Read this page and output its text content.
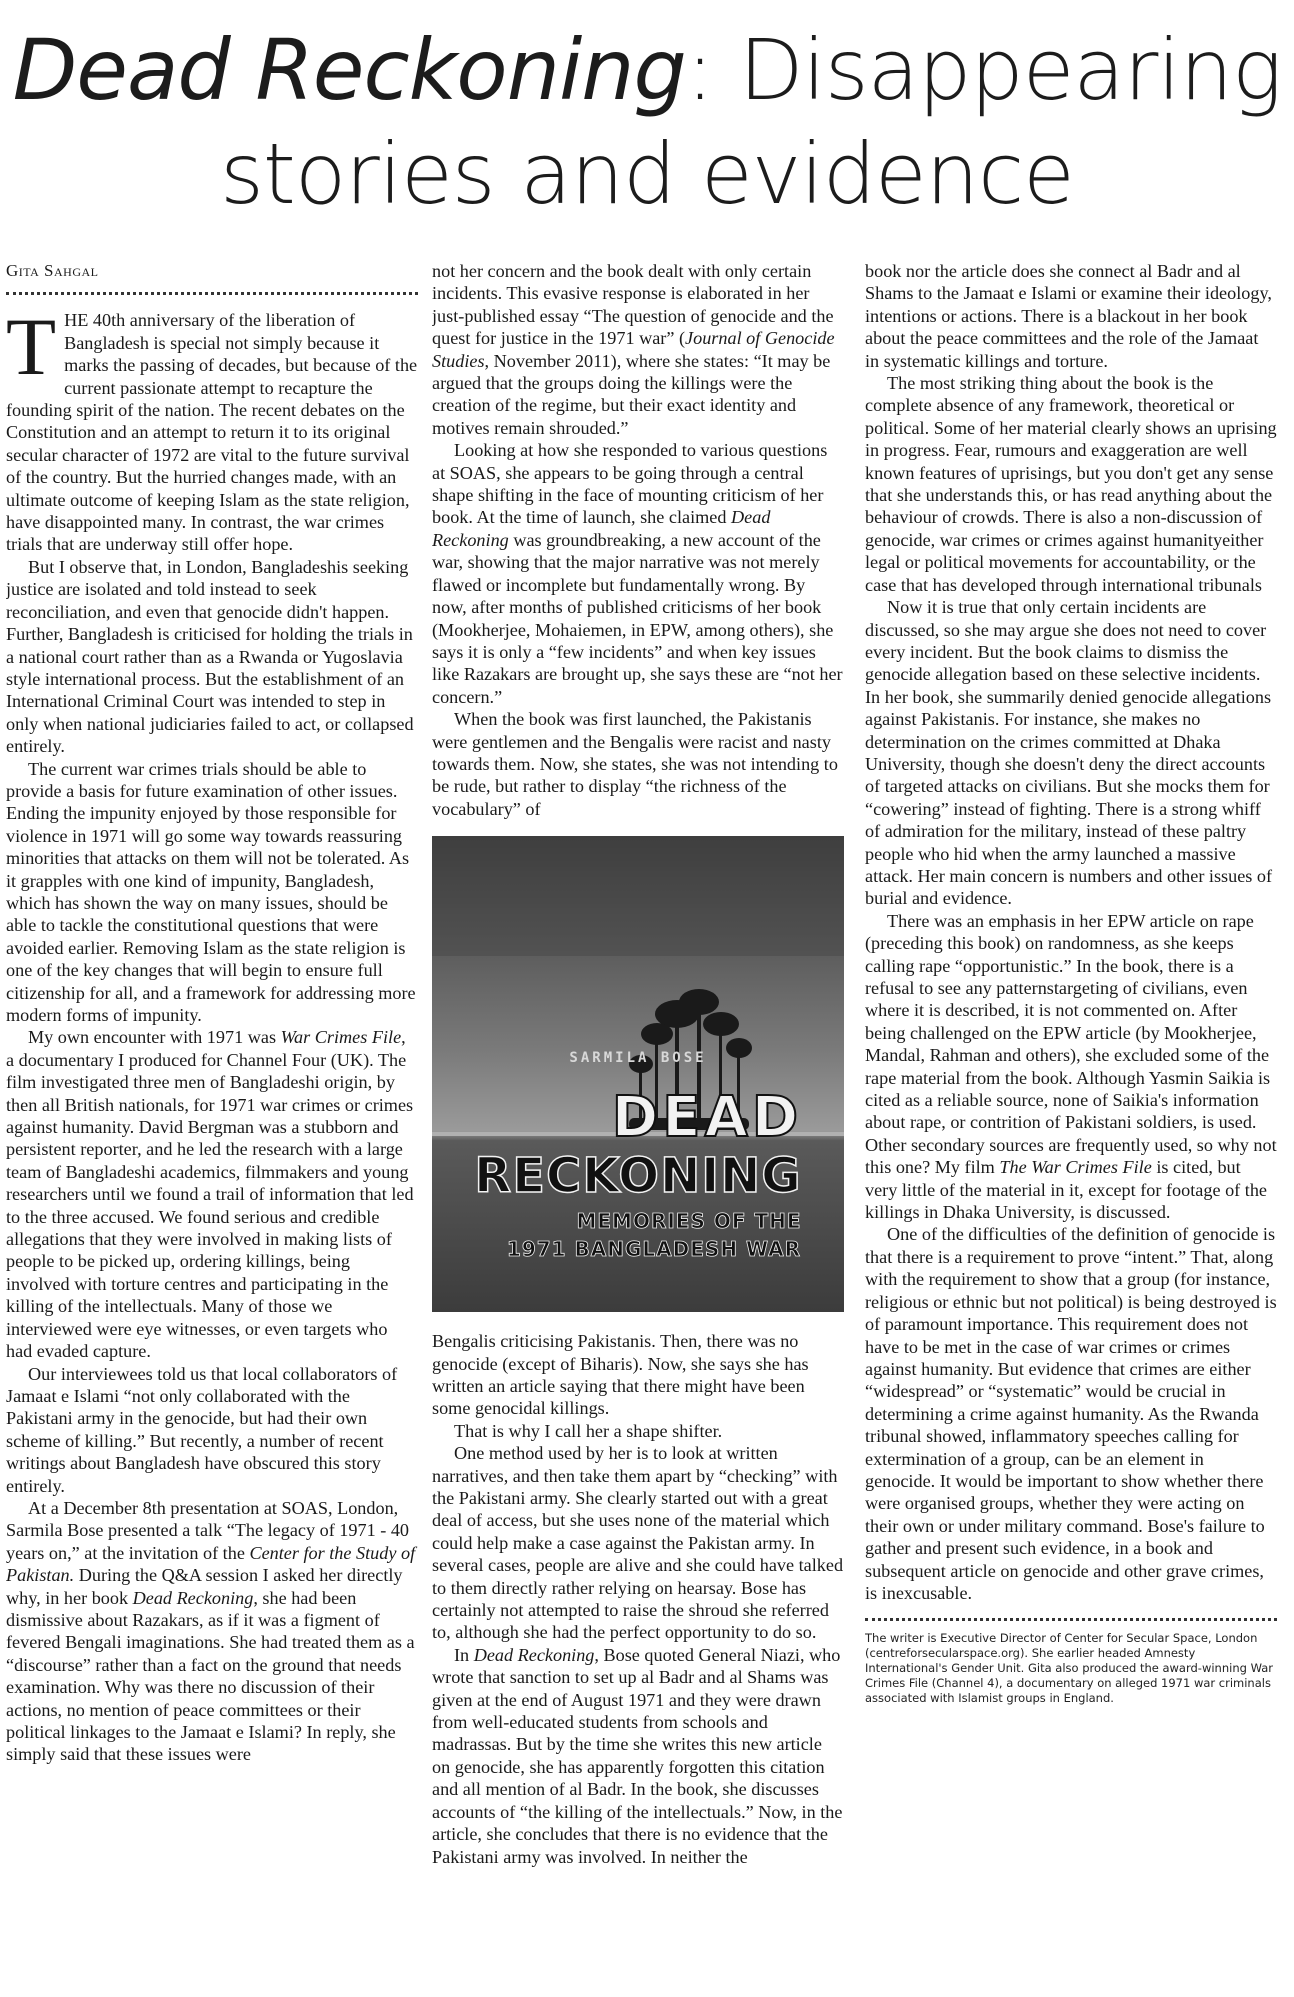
Dead Reckoning: Disappearing
stories and evidence
Gita Sahgal

THE 40th anniversary of the liberation of Bangladesh is special not simply because it marks the passing of decades, but because of the current passionate attempt to recapture the founding spirit of the nation. The recent debates on the Constitution and an attempt to return it to its original secular character of 1972 are vital to the future survival of the country. But the hurried changes made, with an ultimate outcome of keeping Islam as the state religion, have disappointed many. In contrast, the war crimes trials that are underway still offer hope.

But I observe that, in London, Bangladeshis seeking justice are isolated and told instead to seek reconciliation, and even that genocide didn't happen. Further, Bangladesh is criticised for holding the trials in a national court rather than as a Rwanda or Yugoslavia style international process. But the establishment of an International Criminal Court was intended to step in only when national judiciaries failed to act, or collapsed entirely.

The current war crimes trials should be able to provide a basis for future examination of other issues. Ending the impunity enjoyed by those responsible for violence in 1971 will go some way towards reassuring minorities that attacks on them will not be tolerated. As it grapples with one kind of impunity, Bangladesh, which has shown the way on many issues, should be able to tackle the constitutional questions that were avoided earlier. Removing Islam as the state religion is one of the key changes that will begin to ensure full citizenship for all, and a framework for addressing more modern forms of impunity.

My own encounter with 1971 was War Crimes File, a documentary I produced for Channel Four (UK). The film investigated three men of Bangladeshi origin, by then all British nationals, for 1971 war crimes or crimes against humanity. David Bergman was a stubborn and persistent reporter, and he led the research with a large team of Bangladeshi academics, filmmakers and young researchers until we found a trail of information that led to the three accused. We found serious and credible allegations that they were involved in making lists of people to be picked up, ordering killings, being involved with torture centres and participating in the killing of the intellectuals. Many of those we interviewed were eye witnesses, or even targets who had evaded capture.

Our interviewees told us that local collaborators of Jamaat e Islami “not only collaborated with the Pakistani army in the genocide, but had their own scheme of killing.” But recently, a number of recent writings about Bangladesh have obscured this story entirely.

At a December 8th presentation at SOAS, London, Sarmila Bose presented a talk “The legacy of 1971 - 40 years on,” at the invitation of the Center for the Study of Pakistan. During the Q&A session I asked her directly why, in her book Dead Reckoning, she had been dismissive about Razakars, as if it was a figment of fevered Bengali imaginations. She had treated them as a “discourse” rather than a fact on the ground that needs examination. Why was there no discussion of their actions, no mention of peace committees or their political linkages to the Jamaat e Islami? In reply, she simply said that these issues were

not her concern and the book dealt with only certain incidents. This evasive response is elaborated in her just-published essay “The question of genocide and the quest for justice in the 1971 war” (Journal of Genocide Studies, November 2011), where she states: “It may be argued that the groups doing the killings were the creation of the regime, but their exact identity and motives remain shrouded.”

Looking at how she responded to various questions at SOAS, she appears to be going through a central shape shifting in the face of mounting criticism of her book. At the time of launch, she claimed Dead Reckoning was groundbreaking, a new account of the war, showing that the major narrative was not merely flawed or incomplete but fundamentally wrong. By now, after months of published criticisms of her book (Mookherjee, Mohaiemen, in EPW, among others), she says it is only a “few incidents” and when key issues like Razakars are brought up, she says these are “not her concern.”

When the book was first launched, the Pakistanis were gentlemen and the Bengalis were racist and nasty towards them. Now, she states, she was not intending to be rude, but rather to display “the richness of the vocabulary” of

SARMILA BOSE
DEAD
RECKONING
MEMORIES OF THE
1971 BANGLADESH WAR

Bengalis criticising Pakistanis. Then, there was no genocide (except of Biharis). Now, she says she has written an article saying that there might have been some genocidal killings.

That is why I call her a shape shifter.

One method used by her is to look at written narratives, and then take them apart by “checking” with the Pakistani army. She clearly started out with a great deal of access, but she uses none of the material which could help make a case against the Pakistan army. In several cases, people are alive and she could have talked to them directly rather relying on hearsay. Bose has certainly not attempted to raise the shroud she referred to, although she had the perfect opportunity to do so.

In Dead Reckoning, Bose quoted General Niazi, who wrote that sanction to set up al Badr and al Shams was given at the end of August 1971 and they were drawn from well-educated students from schools and madrassas. But by the time she writes this new article on genocide, she has apparently forgotten this citation and all mention of al Badr. In the book, she discusses accounts of “the killing of the intellectuals.” Now, in the article, she concludes that there is no evidence that the Pakistani army was involved. In neither the

book nor the article does she connect al Badr and al Shams to the Jamaat e Islami or examine their ideology, intentions or actions. There is a blackout in her book about the peace committees and the role of the Jamaat in systematic killings and torture.

The most striking thing about the book is the complete absence of any framework, theoretical or political. Some of her material clearly shows an uprising in progress. Fear, rumours and exaggeration are well known features of uprisings, but you don't get any sense that she understands this, or has read anything about the behaviour of crowds. There is also a non-discussion of genocide, war crimes or crimes against humanityeither legal or political movements for accountability, or the case that has developed through international tribunals

Now it is true that only certain incidents are discussed, so she may argue she does not need to cover every incident. But the book claims to dismiss the genocide allegation based on these selective incidents. In her book, she summarily denied genocide allegations against Pakistanis. For instance, she makes no determination on the crimes committed at Dhaka University, though she doesn't deny the direct accounts of targeted attacks on civilians. But she mocks them for “cowering” instead of fighting. There is a strong whiff of admiration for the military, instead of these paltry people who hid when the army launched a massive attack. Her main concern is numbers and other issues of burial and evidence.

There was an emphasis in her EPW article on rape (preceding this book) on randomness, as she keeps calling rape “opportunistic.” In the book, there is a refusal to see any patternstargeting of civilians, even where it is described, it is not commented on. After being challenged on the EPW article (by Mookherjee, Mandal, Rahman and others), she excluded some of the rape material from the book. Although Yasmin Saikia is cited as a reliable source, none of Saikia's information about rape, or contrition of Pakistani soldiers, is used. Other secondary sources are frequently used, so why not this one? My film The War Crimes File is cited, but very little of the material in it, except for footage of the killings in Dhaka University, is discussed.

One of the difficulties of the definition of genocide is that there is a requirement to prove “intent.” That, along with the requirement to show that a group (for instance, religious or ethnic but not political) is being destroyed is of paramount importance. This requirement does not have to be met in the case of war crimes or crimes against humanity. But evidence that crimes are either “widespread” or “systematic” would be crucial in determining a crime against humanity. As the Rwanda tribunal showed, inflammatory speeches calling for extermination of a group, can be an element in genocide. It would be important to show whether there were organised groups, whether they were acting on their own or under military command. Bose's failure to gather and present such evidence, in a book and subsequent article on genocide and other grave crimes, is inexcusable.

The writer is Executive Director of Center for Secular Space, London (centreforsecularspace.org). She earlier headed Amnesty International's Gender Unit. Gita also produced the award-winning War Crimes File (Channel 4), a documentary on alleged 1971 war criminals associated with Islamist groups in England.
